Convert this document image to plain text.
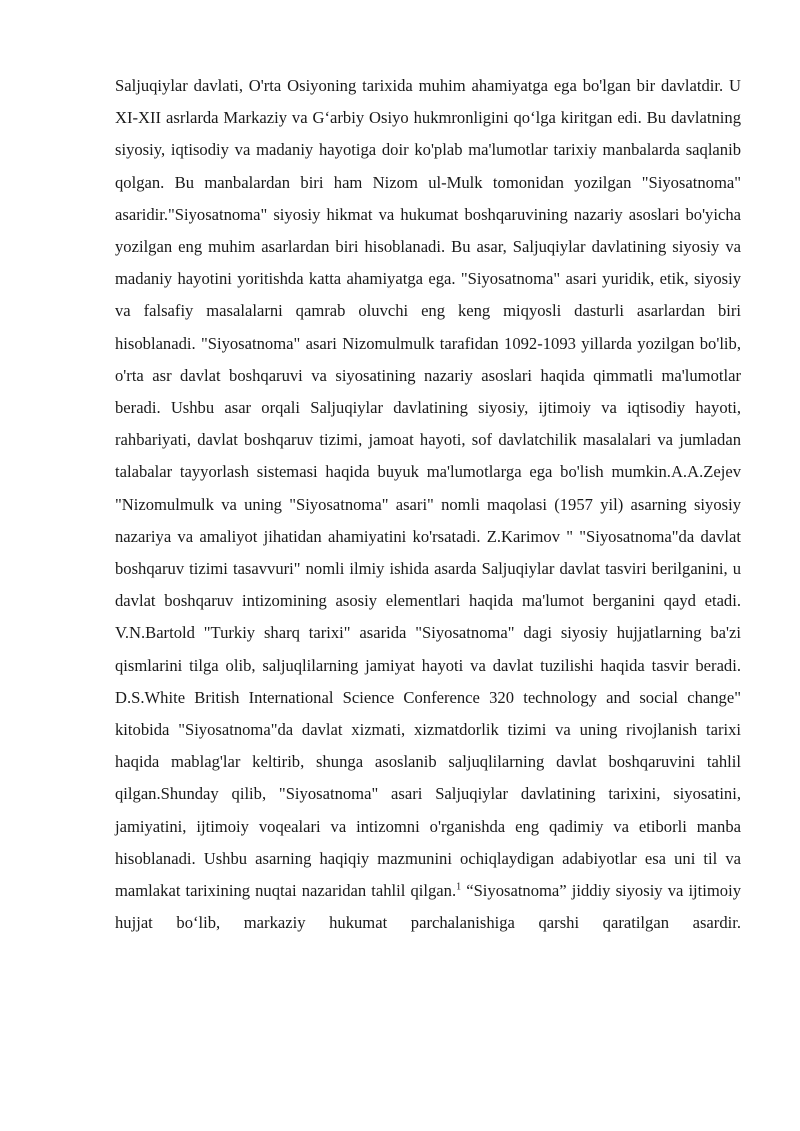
Saljuqiylar davlati, O'rta Osiyoning tarixida muhim ahamiyatga ega bo'lgan bir davlatdir. U XI-XII asrlarda Markaziy va G‘arbiy Osiyo hukmronligini qo‘lga kiritgan edi. Bu davlatning siyosiy, iqtisodiy va madaniy hayotiga doir ko'plab ma'lumotlar tarixiy manbalarda saqlanib qolgan. Bu manbalardan biri ham Nizom ul-Mulk tomonidan yozilgan "Siyosatnoma" asaridir."Siyosatnoma" siyosiy hikmat va hukumat boshqaruvining nazariy asoslari bo'yicha yozilgan eng muhim asarlardan biri hisoblanadi. Bu asar, Saljuqiylar davlatining siyosiy va madaniy hayotini yoritishda katta ahamiyatga ega. "Siyosatnoma" asari yuridik, etik, siyosiy va falsafiy masalalarni qamrab oluvchi eng keng miqyosli dasturli asarlardan biri hisoblanadi. "Siyosatnoma" asari Nizomulmulk tarafidan 1092-1093 yillarda yozilgan bo'lib, o'rta asr davlat boshqaruvi va siyosatining nazariy asoslari haqida qimmatli ma'lumotlar beradi. Ushbu asar orqali Saljuqiylar davlatining siyosiy, ijtimoiy va iqtisodiy hayoti, rahbariyati, davlat boshqaruv tizimi, jamoat hayoti, sof davlatchilik masalalari va jumladan talabalar tayyorlash sistemasi haqida buyuk ma'lumotlarga ega bo'lish mumkin.A.A.Zejev "Nizomulmulk va uning "Siyosatnoma" asari" nomli maqolasi (1957 yil) asarning siyosiy nazariya va amaliyot jihatidan ahamiyatini ko'rsatadi. Z.Karimov " "Siyosatnoma"da davlat boshqaruv tizimi tasavvuri" nomli ilmiy ishida asarda Saljuqiylar davlat tasviri berilganini, u davlat boshqaruv intizomining asosiy elementlari haqida ma'lumot berganini qayd etadi. V.N.Bartold "Turkiy sharq tarixi" asarida "Siyosatnoma" dagi siyosiy hujjatlarning ba'zi qismlarini tilga olib, saljuqlilarning jamiyat hayoti va davlat tuzilishi haqida tasvir beradi. D.S.White British International Science Conference 320 technology and social change" kitobida "Siyosatnoma"da davlat xizmati, xizmatdorlik tizimi va uning rivojlanish tarixi haqida mablag'lar keltirib, shunga asoslanib saljuqlilarning davlat boshqaruvini tahlil qilgan.Shunday qilib, "Siyosatnoma" asari Saljuqiylar davlatining tarixini, siyosatini, jamiyatini, ijtimoiy voqealari va intizomni o'rganishda eng qadimiy va etiborli manba hisoblanadi. Ushbu asarning haqiqiy mazmunini ochiqlaydigan adabiyotlar esa uni til va mamlakat tarixining nuqtai nazaridan tahlil qilgan.$^1$ “Siyosatnoma” jiddiy siyosiy va ijtimoiy hujjat bo‘lib, markaziy hukumat parchalanishiga qarshi qaratilgan asardir.
